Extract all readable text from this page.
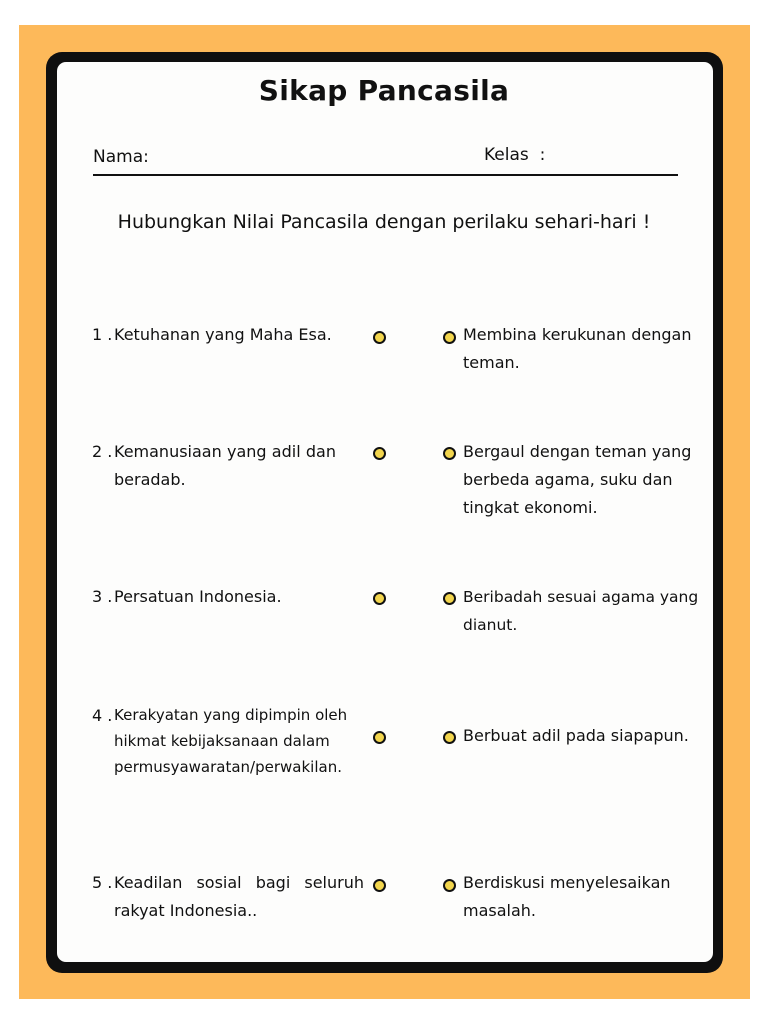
Sikap Pancasila
Nama:	Kelas  :
Hubungkan Nilai Pancasila dengan perilaku sehari-hari !
1 . Ketuhanan yang Maha Esa.
2 . Kemanusiaan yang adil dan beradab.
3 . Persatuan Indonesia.
4 . Kerakyatan yang dipimpin oleh hikmat kebijaksanaan dalam permusyawaratan/perwakilan.
5 . Keadilan sosial bagi seluruh rakyat Indonesia..
Membina kerukunan dengan teman.
Bergaul dengan teman yang berbeda agama, suku dan tingkat ekonomi.
Beribadah sesuai agama yang dianut.
Berbuat adil pada siapapun.
Berdiskusi menyelesaikan masalah.
